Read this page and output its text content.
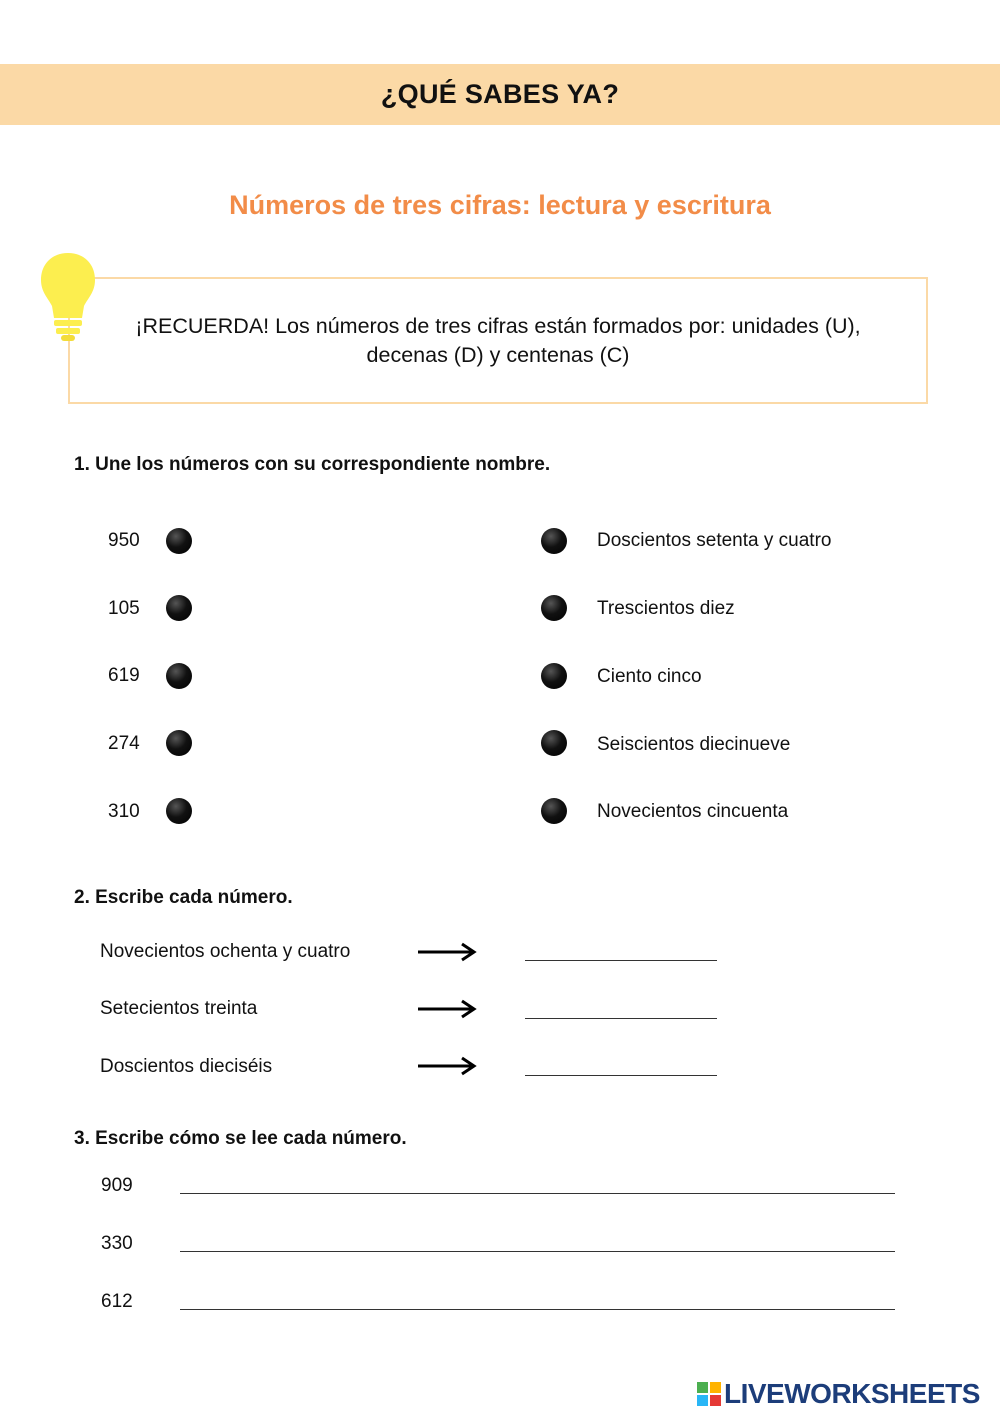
¿QUÉ SABES YA?
Números de tres cifras: lectura y escritura
¡RECUERDA! Los números de tres cifras están formados por: unidades (U),
decenas (D) y centenas (C)
1. Une los números con su correspondiente nombre.
950	Doscientos setenta y cuatro
105	Trescientos diez
619	Ciento cinco
274	Seiscientos diecinueve
310	Novecientos cincuenta
2. Escribe cada número.
Novecientos ochenta y cuatro
Setecientos treinta
Doscientos dieciséis
3. Escribe cómo se lee cada número.
909
330
612
LIVEWORKSHEETS
